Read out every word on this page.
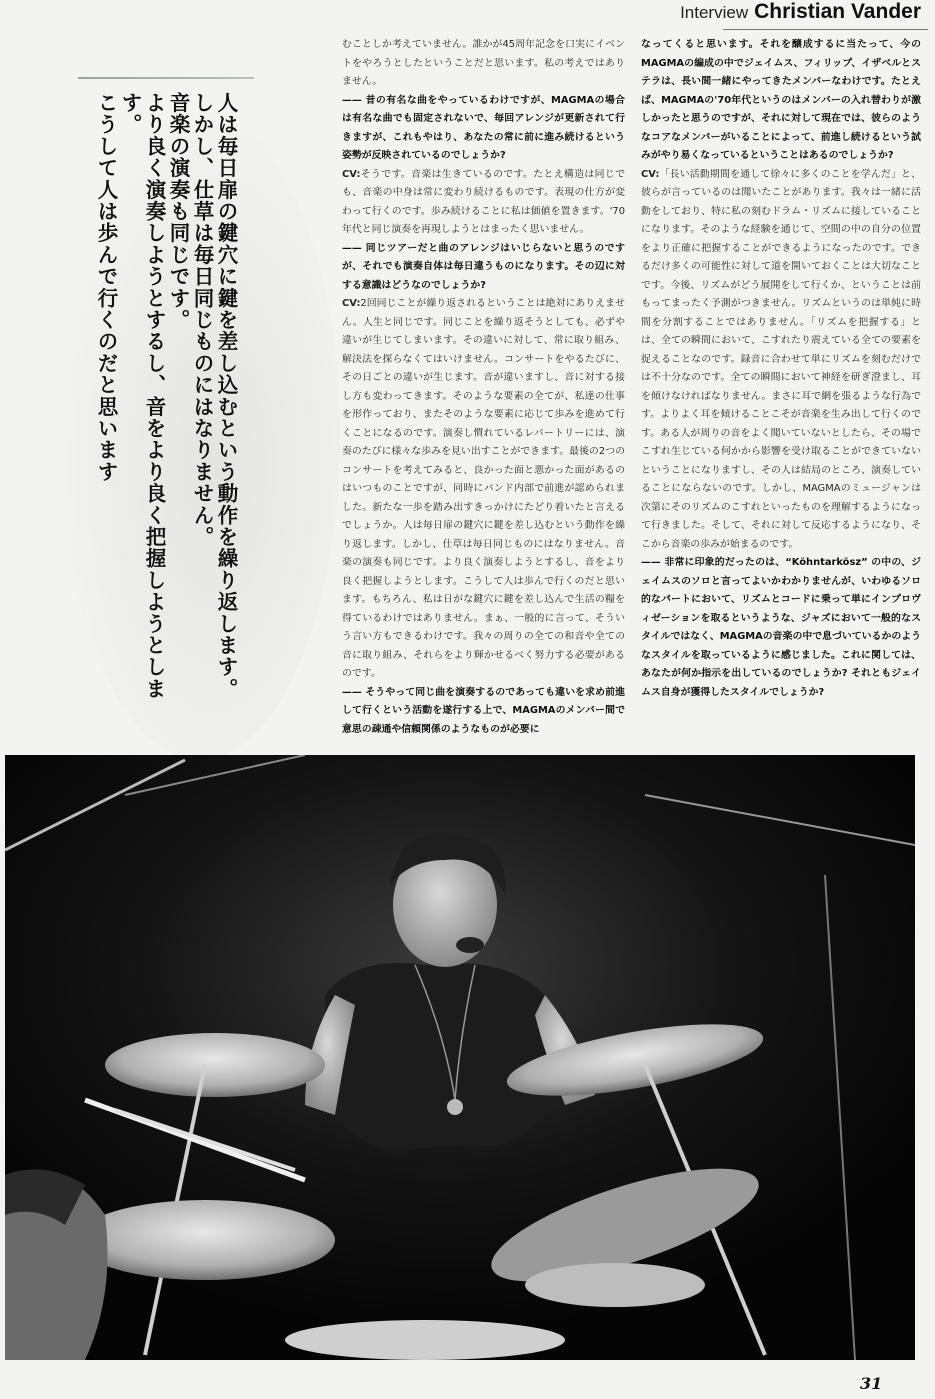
Interview Christian Vander

人は毎日扉の鍵穴に鍵を差し込むという動作を繰り返します。

しかし、仕草は毎日同じものにはなりません。

音楽の演奏も同じです。

より良く演奏しようとするし、音をより良く把握しようとします。

こうして人は歩んで行くのだと思います

むことしか考えていません。誰かが45周年記念を口実にイベントをやろうとしたということだと思います。私の考えではありません。

—— 昔の有名な曲をやっているわけですが、MAGMAの場合は有名な曲でも固定されないで、毎回アレンジが更新されて行きますが、これもやはり、あなたの常に前に進み続けるという姿勢が反映されているのでしょうか?

CV:そうです。音楽は生きているのです。たとえ構造は同じでも、音楽の中身は常に変わり続けるものです。表現の仕方が変わって行くのです。歩み続けることに私は価値を置きます。'70年代と同じ演奏を再現しようとはまったく思いません。

—— 同じツアーだと曲のアレンジはいじらないと思うのですが、それでも演奏自体は毎日違うものになります。その辺に対する意識はどうなのでしょうか?

CV:2回同じことが繰り返されるということは絶対にありえません。人生と同じです。同じことを繰り返そうとしても、必ずや違いが生じてしまいます。その違いに対して、常に取り組み、解決法を探らなくてはいけません。コンサートをやるたびに、その日ごとの違いが生じます。音が違いますし、音に対する接し方も変わってきます。そのような要素の全てが、私達の仕事を形作っており、またそのような要素に応じて歩みを進めて行くことになるのです。演奏し慣れているレパートリーには、演奏のたびに様々な歩みを見い出すことができます。最後の2つのコンサートを考えてみると、良かった面と悪かった面があるのはいつものことですが、同時にバンド内部で前進が認められました。新たな一歩を踏み出すきっかけにたどり着いたと言えるでしょうか。人は毎日扉の鍵穴に鍵を差し込むという動作を繰り返します。しかし、仕草は毎日同じものにはなりません。音楽の演奏も同じです。より良く演奏しようとするし、音をより良く把握しようとします。こうして人は歩んで行くのだと思います。もちろん、私は日がな鍵穴に鍵を差し込んで生活の糧を得ているわけではありません。まぁ、一般的に言って、そういう言い方もできるわけです。我々の周りの全ての和音や全ての音に取り組み、それらをより輝かせるべく努力する必要があるのです。

—— そうやって同じ曲を演奏するのであっても違いを求め前進して行くという活動を遂行する上で、MAGMAのメンバー間で意思の疎通や信頼関係のようなものが必要に

なってくると思います。それを醸成するに当たって、今のMAGMAの編成の中でジェイムス、フィリップ、イザベルとステラは、長い間一緒にやってきたメンバーなわけです。たとえば、MAGMAの'70年代というのはメンバーの入れ替わりが激しかったと思うのですが、それに対して現在では、彼らのようなコアなメンバーがいることによって、前進し続けるという試みがやり易くなっているということはあるのでしょうか?

CV:「長い活動期間を通して徐々に多くのことを学んだ」と、彼らが言っているのは聞いたことがあります。我々は一緒に活動をしており、特に私の刻むドラム・リズムに接していることになります。そのような経験を通じて、空間の中の自分の位置をより正確に把握することができるようになったのです。できるだけ多くの可能性に対して道を開いておくことは大切なことです。今後、リズムがどう展開をして行くか、ということは前もってまったく予測がつきません。リズムというのは単純に時間を分割することではありません。「リズムを把握する」とは、全ての瞬間において、こすれたり震えている全ての要素を捉えることなのです。録音に合わせて単にリズムを刻むだけでは不十分なのです。全ての瞬間において神経を研ぎ澄まし、耳を傾けなければなりません。まさに耳で網を張るような行為です。よりよく耳を傾けることこそが音楽を生み出して行くのです。ある人が周りの音をよく聞いていないとしたら、その場でこすれ生じている何かから影響を受け取ることができていないということになりますし、その人は結局のところ、演奏していることにならないのです。しかし、MAGMAのミュージャンは次第にそのリズムのこすれといったものを理解するようになって行きました。そして、それに対して反応するようになり、そこから音楽の歩みが始まるのです。

—— 非常に印象的だったのは、“Köhntarkösz” の中の、ジェイムスのソロと言ってよいかわかりませんが、いわゆるソロ的なパートにおいて、リズムとコードに乗って単にインプロヴィゼーションを取るというような、ジャズにおいて一般的なスタイルではなく、MAGMAの音楽の中で息づいているかのようなスタイルを取っているように感じました。これに関しては、あなたが何か指示を出しているのでしょうか? それともジェイムス自身が獲得したスタイルでしょうか?

31
